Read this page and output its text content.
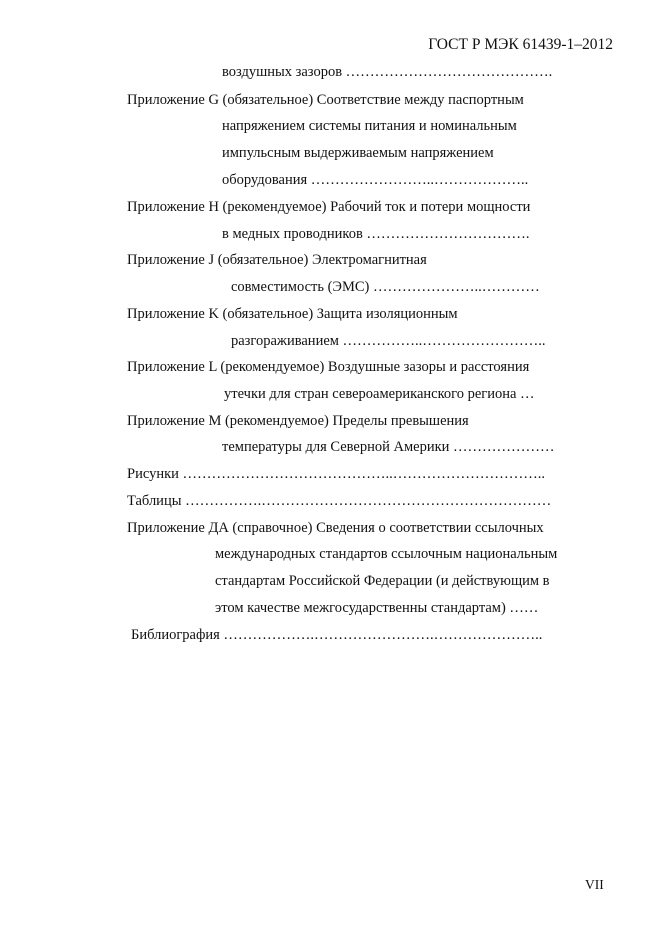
ГОСТ Р МЭК 61439-1–2012
воздушных зазоров …………………………………….
Приложение G (обязательное) Соответствие между паспортным
напряжением системы питания и номинальным
импульсным выдерживаемым напряжением
оборудования ……………………..………………..
Приложение H (рекомендуемое) Рабочий ток и потери мощности
в медных проводников …………………………….
Приложение J (обязательное) Электромагнитная
совместимость (ЭМС) …………………..…………
Приложение K (обязательное) Защита изоляционным
разгораживанием ……………..……………………..
Приложение L (рекомендуемое) Воздушные зазоры и расстояния
утечки для стран североамериканского региона …
Приложение M (рекомендуемое) Пределы превышения
температуры для Северной Америки …………………
Рисунки ……………………………………..…………………………..
Таблицы …………….……………………………………………………
Приложение ДА (справочное) Сведения о соответствии ссылочных
международных стандартов ссылочным национальным
стандартам Российской Федерации (и действующим в
этом качестве межгосударственны стандартам) ……
Библиография ……………….…………………….…………………..
VII
